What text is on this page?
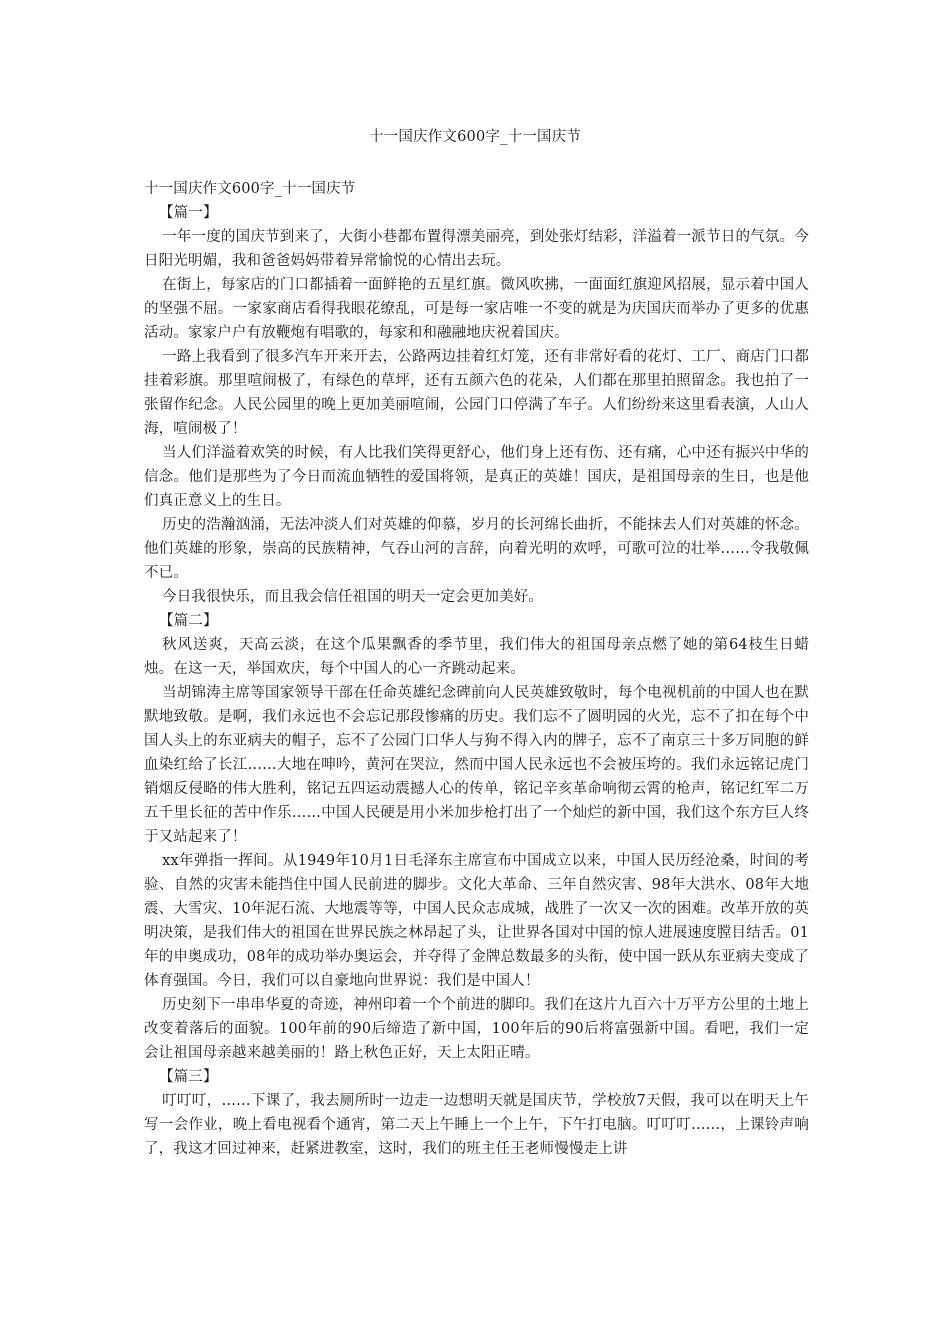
十一国庆作文600字_十一国庆节

十一国庆作文600字_十一国庆节

【篇一】

一年一度的国庆节到来了，大街小巷都布置得漂美丽亮，到处张灯结彩，洋溢着一派节日的气氛。今日阳光明媚，我和爸爸妈妈带着异常愉悦的心情出去玩。

在街上，每家店的门口都插着一面鲜艳的五星红旗。微风吹拂，一面面红旗迎风招展，显示着中国人的坚强不屈。一家家商店看得我眼花缭乱，可是每一家店唯一不变的就是为庆国庆而举办了更多的优惠活动。家家户户有放鞭炮有唱歌的，每家和和融融地庆祝着国庆。

一路上我看到了很多汽车开来开去，公路两边挂着红灯笼，还有非常好看的花灯、工厂、商店门口都挂着彩旗。那里喧闹极了，有绿色的草坪，还有五颜六色的花朵，人们都在那里拍照留念。我也拍了一张留作纪念。人民公园里的晚上更加美丽喧闹，公园门口停满了车子。人们纷纷来这里看表演，人山人海，喧闹极了！

当人们洋溢着欢笑的时候，有人比我们笑得更舒心，他们身上还有伤、还有痛，心中还有振兴中华的信念。他们是那些为了今日而流血牺牲的爱国将领，是真正的英雄！国庆，是祖国母亲的生日，也是他们真正意义上的生日。

历史的浩瀚汹涌，无法冲淡人们对英雄的仰慕，岁月的长河绵长曲折，不能抹去人们对英雄的怀念。他们英雄的形象，崇高的民族精神，气吞山河的言辞，向着光明的欢呼，可歌可泣的壮举……令我敬佩不已。

今日我很快乐，而且我会信任祖国的明天一定会更加美好。

【篇二】

秋风送爽，天高云淡，在这个瓜果飘香的季节里，我们伟大的祖国母亲点燃了她的第64枝生日蜡烛。在这一天，举国欢庆，每个中国人的心一齐跳动起来。

当胡锦涛主席等国家领导干部在任命英雄纪念碑前向人民英雄致敬时，每个电视机前的中国人也在默默地致敬。是啊，我们永远也不会忘记那段惨痛的历史。我们忘不了圆明园的火光，忘不了扣在每个中国人头上的东亚病夫的帽子，忘不了公园门口华人与狗不得入内的牌子，忘不了南京三十多万同胞的鲜血染红给了长江……大地在呻吟，黄河在哭泣，然而中国人民永远也不会被压垮的。我们永远铭记虎门销烟反侵略的伟大胜利，铭记五四运动震撼人心的传单，铭记辛亥革命响彻云霄的枪声，铭记红军二万五千里长征的苦中作乐……中国人民硬是用小米加步枪打出了一个灿烂的新中国，我们这个东方巨人终于又站起来了！

xx年弹指一挥间。从1949年10月1日毛泽东主席宣布中国成立以来，中国人民历经沧桑，时间的考验、自然的灾害未能挡住中国人民前进的脚步。文化大革命、三年自然灾害、98年大洪水、08年大地震、大雪灾、10年泥石流、大地震等等，中国人民众志成城，战胜了一次又一次的困难。改革开放的英明决策，是我们伟大的祖国在世界民族之林昂起了头，让世界各国对中国的惊人进展速度膛目结舌。01年的申奥成功，08年的成功举办奥运会，并夺得了金牌总数最多的头衔，使中国一跃从东亚病夫变成了体育强国。今日，我们可以自豪地向世界说：我们是中国人！

历史刻下一串串华夏的奇迹，神州印着一个个前进的脚印。我们在这片九百六十万平方公里的土地上改变着落后的面貌。100年前的90后缔造了新中国，100年后的90后将富强新中国。看吧，我们一定会让祖国母亲越来越美丽的！路上秋色正好，天上太阳正晴。

【篇三】

叮叮叮，……下课了，我去厕所时一边走一边想明天就是国庆节，学校放7天假，我可以在明天上午写一会作业，晚上看电视看个通宵，第二天上午睡上一个上午，下午打电脑。叮叮叮……，上课铃声响了，我这才回过神来，赶紧进教室，这时，我们的班主任王老师慢慢走上讲
